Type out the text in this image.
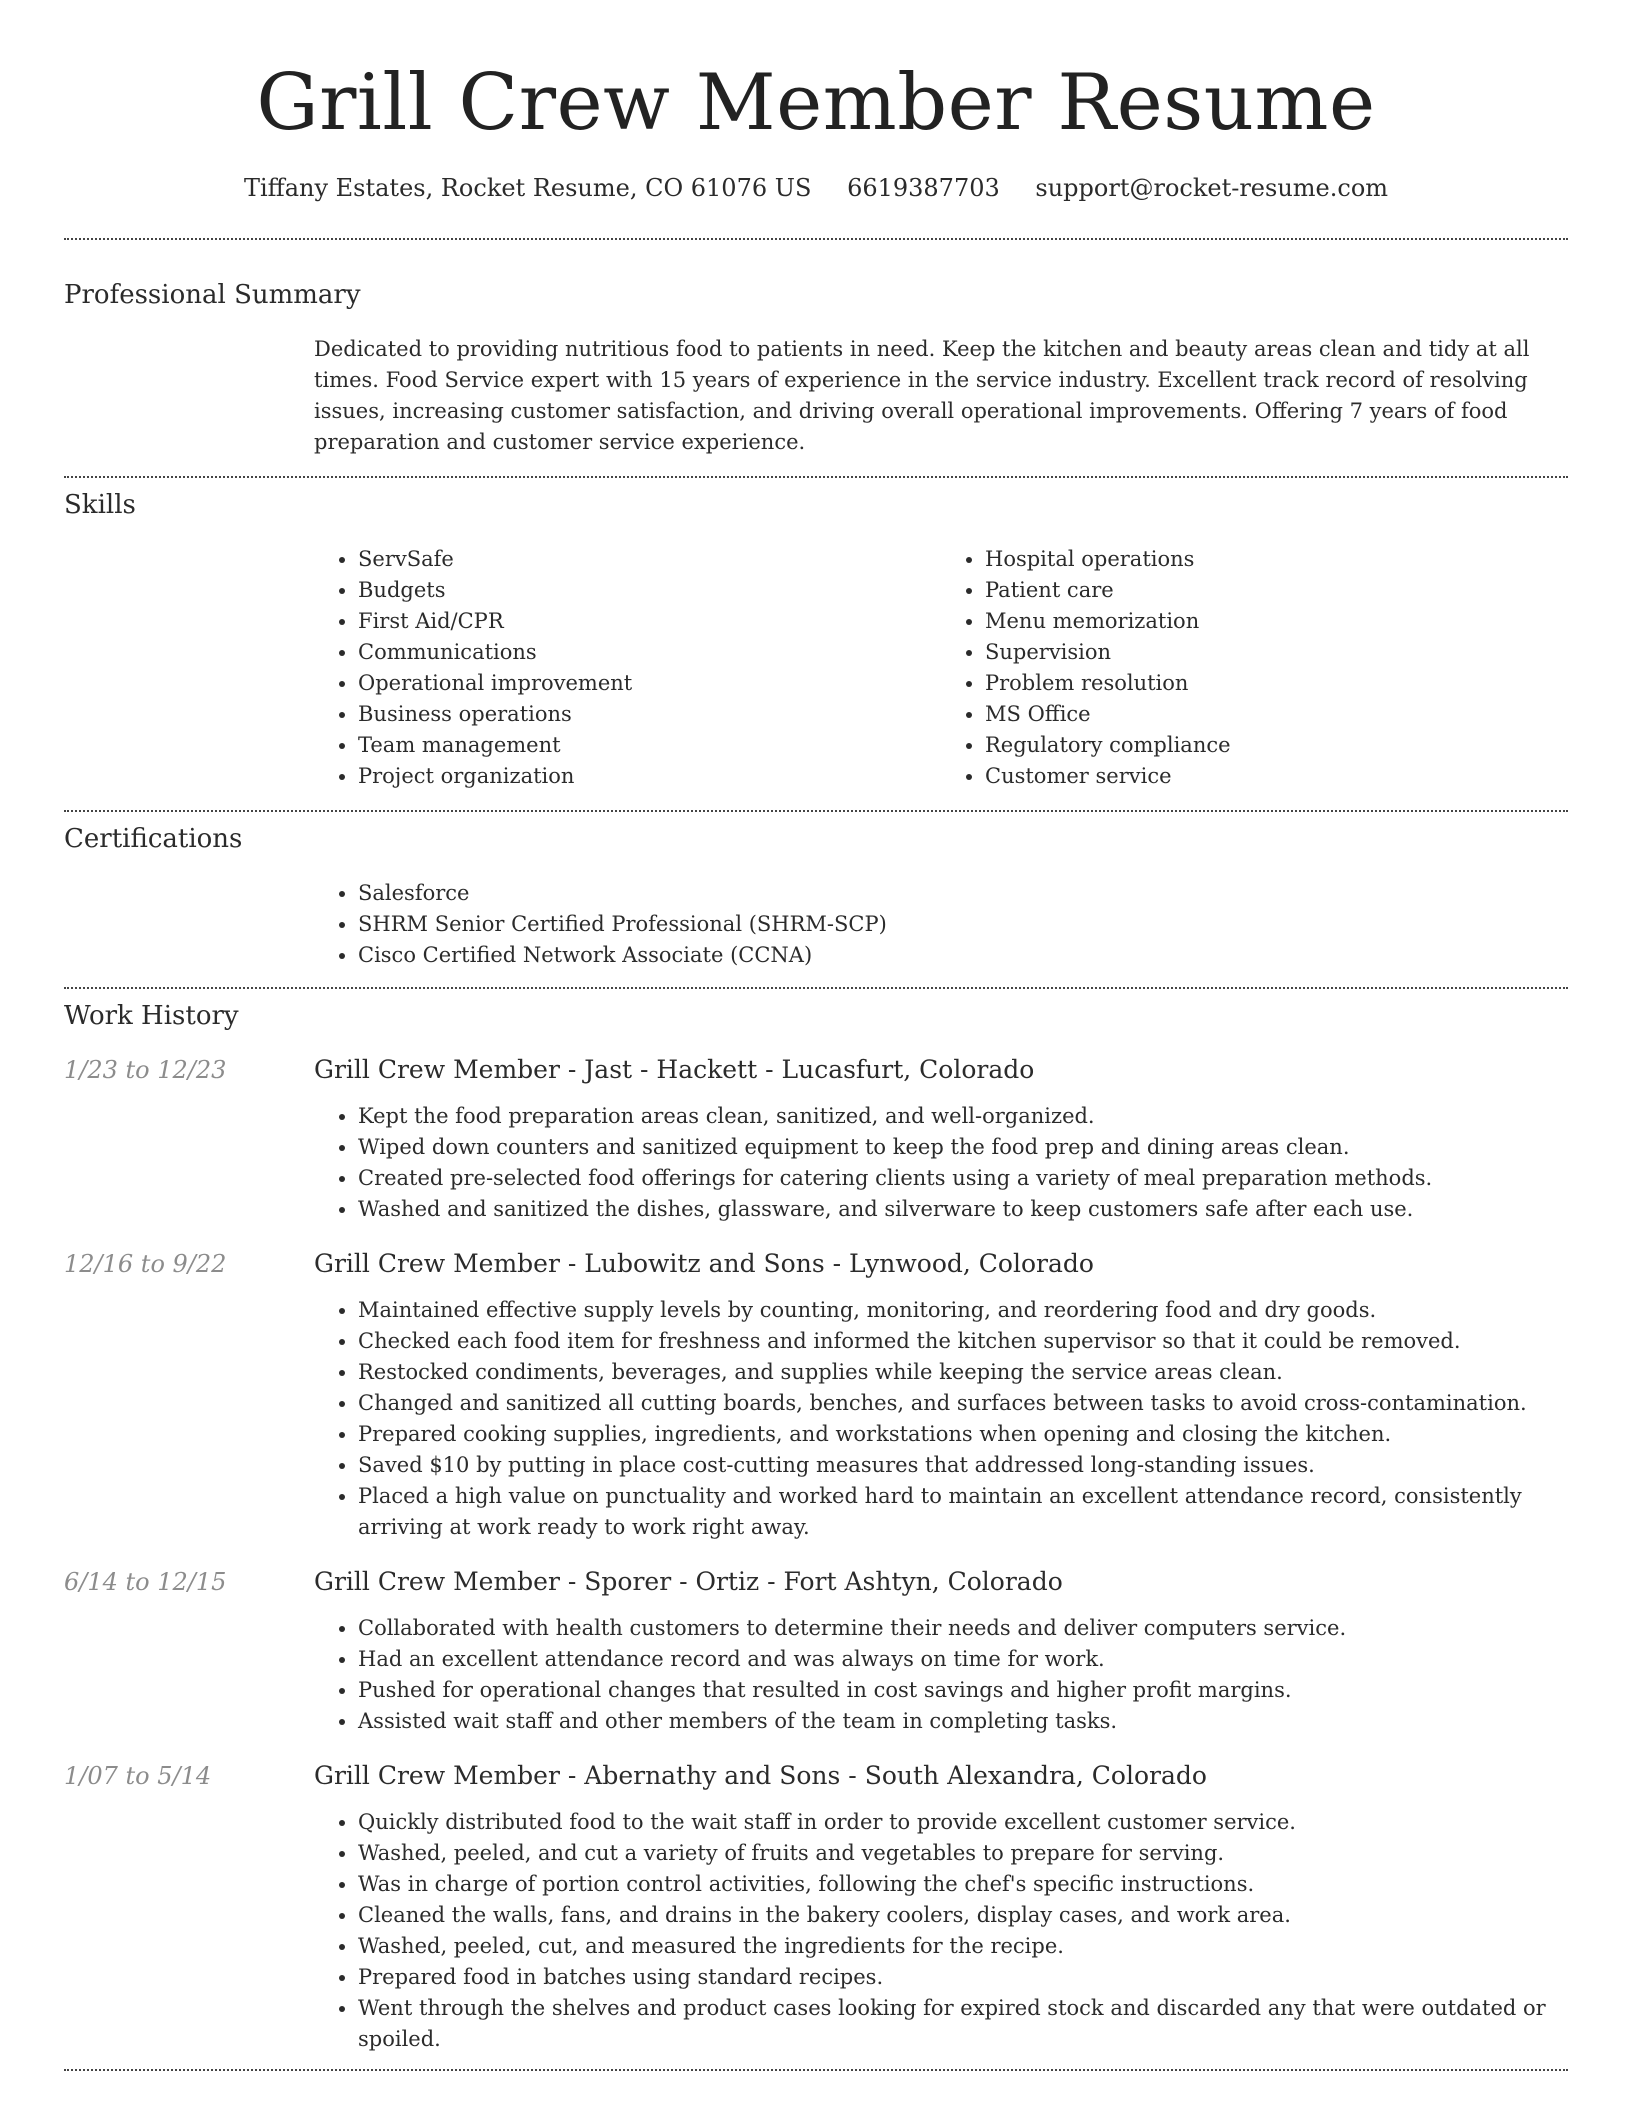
Grill Crew Member Resume
Tiffany Estates, Rocket Resume, CO 61076 US 6619387703 support@rocket-resume.com
Professional Summary
Dedicated to providing nutritious food to patients in need. Keep the kitchen and beauty areas clean and tidy at all times. Food Service expert with 15 years of experience in the service industry. Excellent track record of resolving issues, increasing customer satisfaction, and driving overall operational improvements. Offering 7 years of food preparation and customer service experience.
Skills
• ServSafe
• Budgets
• First Aid/CPR
• Communications
• Operational improvement
• Business operations
• Team management
• Project organization
• Hospital operations
• Patient care
• Menu memorization
• Supervision
• Problem resolution
• MS Office
• Regulatory compliance
• Customer service
Certifications
• Salesforce
• SHRM Senior Certified Professional (SHRM-SCP)
• Cisco Certified Network Associate (CCNA)
Work History
1/23 to 12/23	Grill Crew Member - Jast - Hackett - Lucasfurt, Colorado
• Kept the food preparation areas clean, sanitized, and well-organized.
• Wiped down counters and sanitized equipment to keep the food prep and dining areas clean.
• Created pre-selected food offerings for catering clients using a variety of meal preparation methods.
• Washed and sanitized the dishes, glassware, and silverware to keep customers safe after each use.
12/16 to 9/22	Grill Crew Member - Lubowitz and Sons - Lynwood, Colorado
• Maintained effective supply levels by counting, monitoring, and reordering food and dry goods.
• Checked each food item for freshness and informed the kitchen supervisor so that it could be removed.
• Restocked condiments, beverages, and supplies while keeping the service areas clean.
• Changed and sanitized all cutting boards, benches, and surfaces between tasks to avoid cross-contamination.
• Prepared cooking supplies, ingredients, and workstations when opening and closing the kitchen.
• Saved $10 by putting in place cost-cutting measures that addressed long-standing issues.
• Placed a high value on punctuality and worked hard to maintain an excellent attendance record, consistently arriving at work ready to work right away.
6/14 to 12/15	Grill Crew Member - Sporer - Ortiz - Fort Ashtyn, Colorado
• Collaborated with health customers to determine their needs and deliver computers service.
• Had an excellent attendance record and was always on time for work.
• Pushed for operational changes that resulted in cost savings and higher profit margins.
• Assisted wait staff and other members of the team in completing tasks.
1/07 to 5/14	Grill Crew Member - Abernathy and Sons - South Alexandra, Colorado
• Quickly distributed food to the wait staff in order to provide excellent customer service.
• Washed, peeled, and cut a variety of fruits and vegetables to prepare for serving.
• Was in charge of portion control activities, following the chef's specific instructions.
• Cleaned the walls, fans, and drains in the bakery coolers, display cases, and work area.
• Washed, peeled, cut, and measured the ingredients for the recipe.
• Prepared food in batches using standard recipes.
• Went through the shelves and product cases looking for expired stock and discarded any that were outdated or spoiled.
